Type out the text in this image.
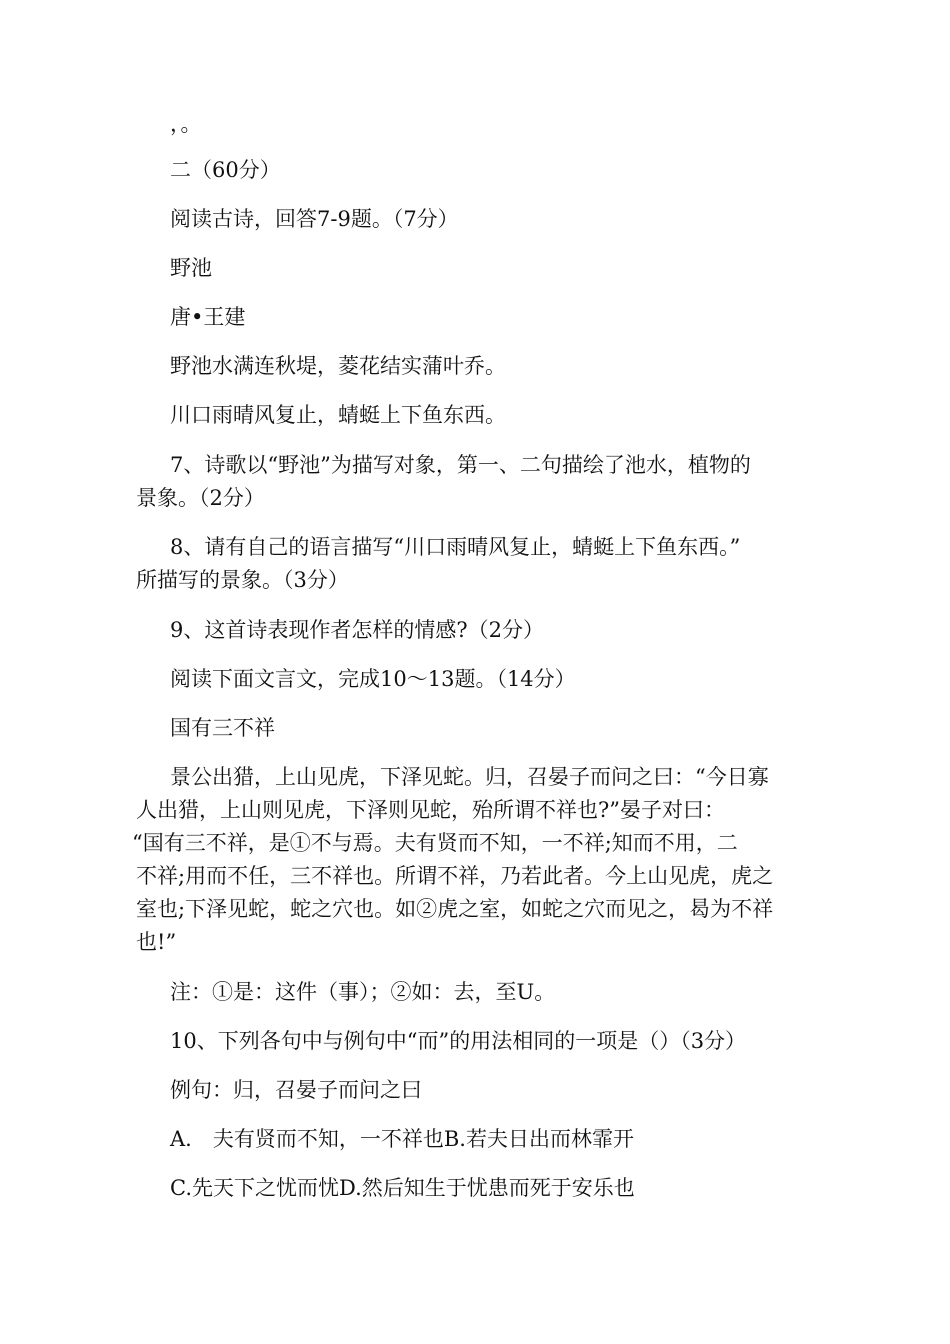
，。
二（60分）
阅读古诗，回答7-9题。（7分）
野池
唐•王建
野池水满连秋堤，菱花结实蒲叶乔。
川口雨晴风复止，蜻蜓上下鱼东西。
7、诗歌以“野池”为描写对象，第一、二句描绘了池水，植物的
景象。（2分）
8、请有自己的语言描写“川口雨晴风复止，蜻蜓上下鱼东西。”
所描写的景象。（3分）
9、这首诗表现作者怎样的情感?（2分）
阅读下面文言文，完成10〜13题。（14分）
国有三不祥
景公出猎，上山见虎，下泽见蛇。归，召晏子而问之曰：“今日寡
人出猎，上山则见虎，下泽则见蛇，殆所谓不祥也?”晏子对曰：
“国有三不祥，是①不与焉。夫有贤而不知，一不祥;知而不用，二
不祥;用而不任，三不祥也。所谓不祥，乃若此者。今上山见虎，虎之
室也;下泽见蛇，蛇之穴也。如②虎之室，如蛇之穴而见之，曷为不祥
也!”
注：①是：这件（事）；②如：去，至U。
10、下列各句中与例句中“而”的用法相同的一项是（）（3分）
例句：归，召晏子而问之曰
A.　夫有贤而不知，一不祥也B.若夫日出而林霏开
C.先天下之忧而忧D.然后知生于忧患而死于安乐也
